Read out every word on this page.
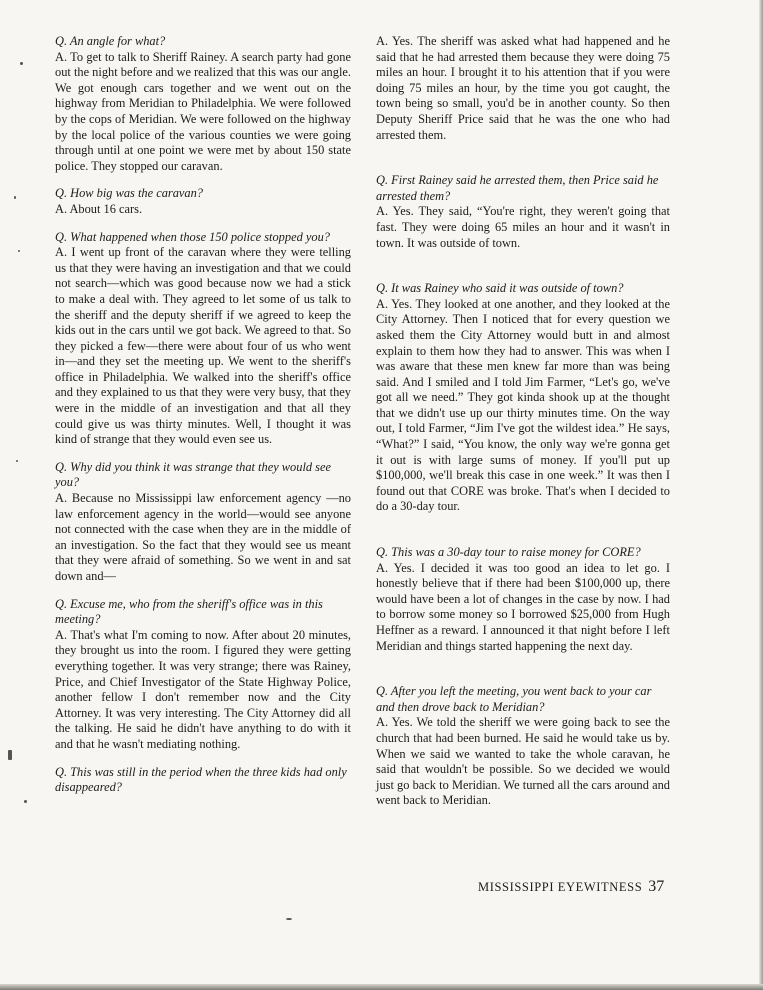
Q. An angle for what?

A. To get to talk to Sheriff Rainey. A search party had gone out the night before and we realized that this was our angle. We got enough cars together and we went out on the highway from Meridian to Philadelphia. We were followed by the cops of Meridian. We were followed on the highway by the local police of the various counties we were going through until at one point we were met by about 150 state police. They stopped our caravan.

Q. How big was the caravan?

A. About 16 cars.

Q. What happened when those 150 police stopped you?

A. I went up front of the caravan where they were telling us that they were having an investigation and that we could not search—which was good because now we had a stick to make a deal with. They agreed to let some of us talk to the sheriff and the deputy sheriff if we agreed to keep the kids out in the cars until we got back. We agreed to that. So they picked a few—there were about four of us who went in—and they set the meeting up. We went to the sheriff's office in Philadelphia. We walked into the sheriff's office and they explained to us that they were very busy, that they were in the middle of an investigation and that all they could give us was thirty minutes. Well, I thought it was kind of strange that they would even see us.

Q. Why did you think it was strange that they would see you?

A. Because no Mississippi law enforcement agency —no law enforcement agency in the world—would see anyone not connected with the case when they are in the middle of an investigation. So the fact that they would see us meant that they were afraid of something. So we went in and sat down and—

Q. Excuse me, who from the sheriff's office was in this meeting?

A. That's what I'm coming to now. After about 20 minutes, they brought us into the room. I figured they were getting everything together. It was very strange; there was Rainey, Price, and Chief Investigator of the State Highway Police, another fellow I don't remember now and the City Attorney. It was very interesting. The City Attorney did all the talking. He said he didn't have anything to do with it and that he wasn't mediating nothing.

Q. This was still in the period when the three kids had only disappeared?

A. Yes. The sheriff was asked what had happened and he said that he had arrested them because they were doing 75 miles an hour. I brought it to his attention that if you were doing 75 miles an hour, by the time you got caught, the town being so small, you'd be in another county. So then Deputy Sheriff Price said that he was the one who had arrested them.

Q. First Rainey said he arrested them, then Price said he arrested them?

A. Yes. They said, “You're right, they weren't going that fast. They were doing 65 miles an hour and it wasn't in town. It was outside of town.

Q. It was Rainey who said it was outside of town?

A. Yes. They looked at one another, and they looked at the City Attorney. Then I noticed that for every question we asked them the City Attorney would butt in and almost explain to them how they had to answer. This was when I was aware that these men knew far more than was being said. And I smiled and I told Jim Farmer, “Let's go, we've got all we need.” They got kinda shook up at the thought that we didn't use up our thirty minutes time. On the way out, I told Farmer, “Jim I've got the wildest idea.” He says, “What?” I said, “You know, the only way we're gonna get it out is with large sums of money. If you'll put up $100,000, we'll break this case in one week.” It was then I found out that CORE was broke. That's when I decided to do a 30-day tour.

Q. This was a 30-day tour to raise money for CORE?

A. Yes. I decided it was too good an idea to let go. I honestly believe that if there had been $100,000 up, there would have been a lot of changes in the case by now. I had to borrow some money so I borrowed $25,000 from Hugh Heffner as a reward. I announced it that night before I left Meridian and things started happening the next day.

Q. After you left the meeting, you went back to your car and then drove back to Meridian?

A. Yes. We told the sheriff we were going back to see the church that had been burned. He said he would take us by. When we said we wanted to take the whole caravan, he said that wouldn't be possible. So we decided we would just go back to Meridian. We turned all the cars around and went back to Meridian.

MISSISSIPPI EYEWITNESS 37
